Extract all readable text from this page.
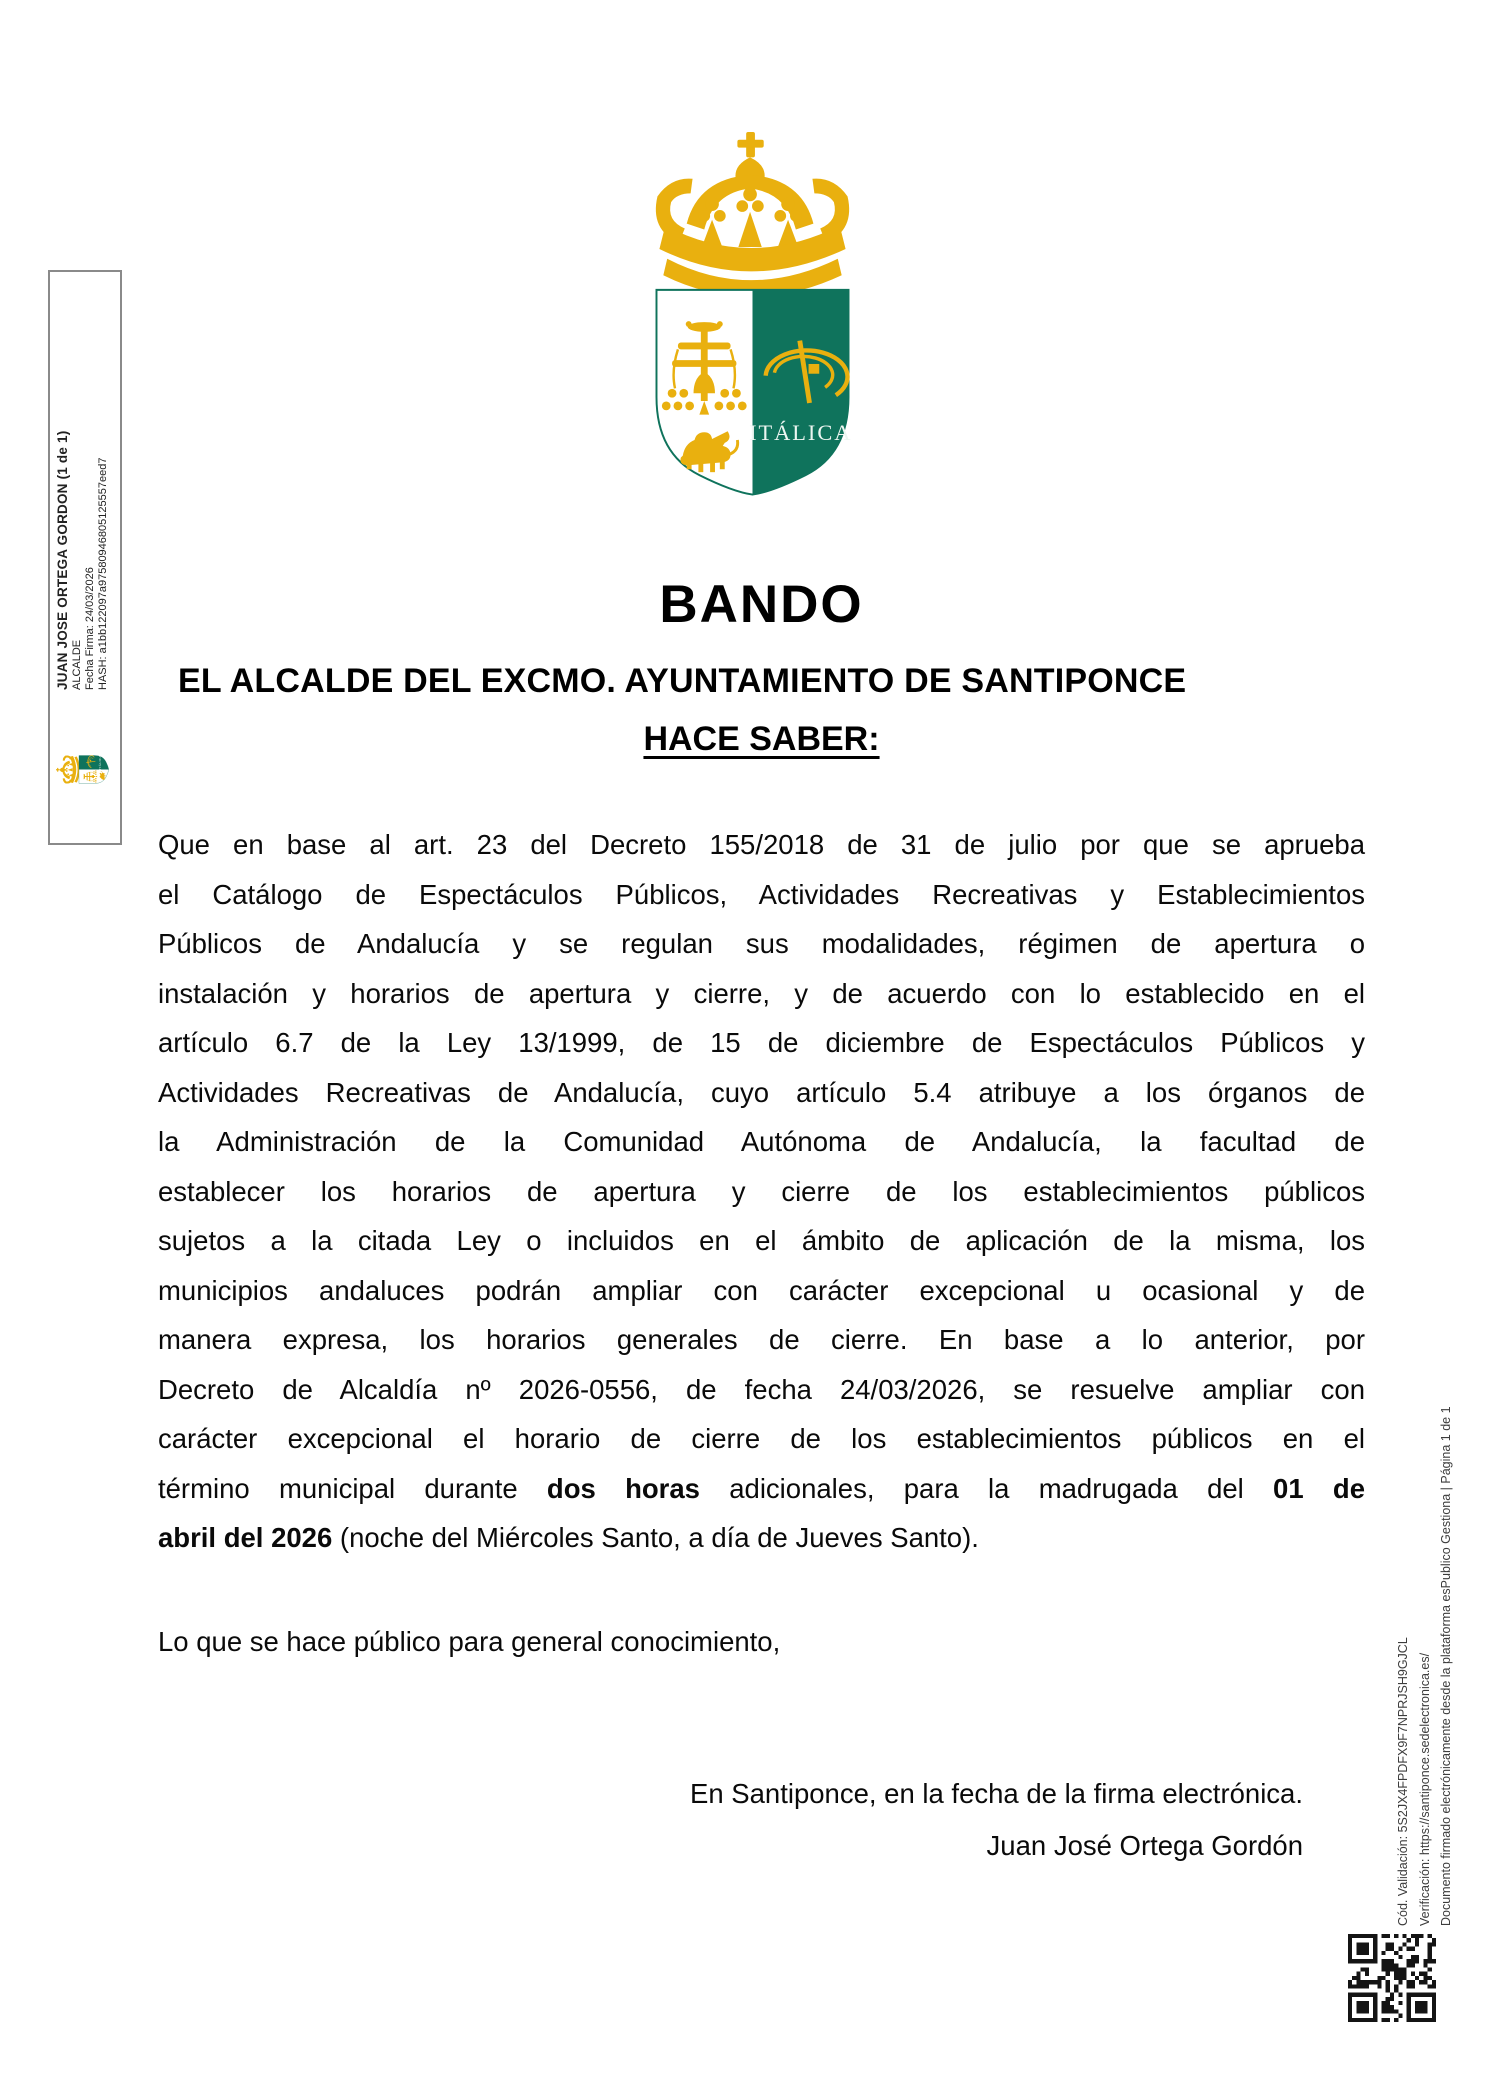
JUAN JOSE ORTEGA GORDON (1 de 1) ALCALDE Fecha Firma: 24/03/2026 HASH: a1bb122097a97580946805125557eed7	BANDO
EL ALCALDE DEL EXCMO. AYUNTAMIENTO DE SANTIPONCE
HACE SABER:
Que en base al art. 23 del Decreto 155/2018 de 31 de julio por que se aprueba
el Catálogo de Espectáculos Públicos, Actividades Recreativas y Establecimientos
Públicos de Andalucía y se regulan sus modalidades, régimen de apertura o
instalación y horarios de apertura y cierre, y de acuerdo con lo establecido en el
artículo 6.7 de la Ley 13/1999, de 15 de diciembre de Espectáculos Públicos y
Actividades Recreativas de Andalucía, cuyo artículo 5.4 atribuye a los órganos de
la Administración de la Comunidad Autónoma de Andalucía, la facultad de
establecer los horarios de apertura y cierre de los establecimientos públicos
sujetos a la citada Ley o incluidos en el ámbito de aplicación de la misma, los
municipios andaluces podrán ampliar con carácter excepcional u ocasional y de
manera expresa, los horarios generales de cierre. En base a lo anterior, por
Decreto de Alcaldía nº 2026-0556, de fecha 24/03/2026, se resuelve ampliar con
carácter excepcional el horario de cierre de los establecimientos públicos en el
término municipal durante dos horas adicionales, para la madrugada del 01 de
abril del 2026 (noche del Miércoles Santo, a día de Jueves Santo).
Lo que se hace público para general conocimiento,
En Santiponce, en la fecha de la firma electrónica.
Juan José Ortega Gordón	Cód. Validación: 5S2JX4FPDFX9F7NPRJSH9GJCL Verificación: https://santiponce.sedelectronica.es/ Documento firmado electrónicamente desde la plataforma esPublico Gestiona | Página 1 de 1
